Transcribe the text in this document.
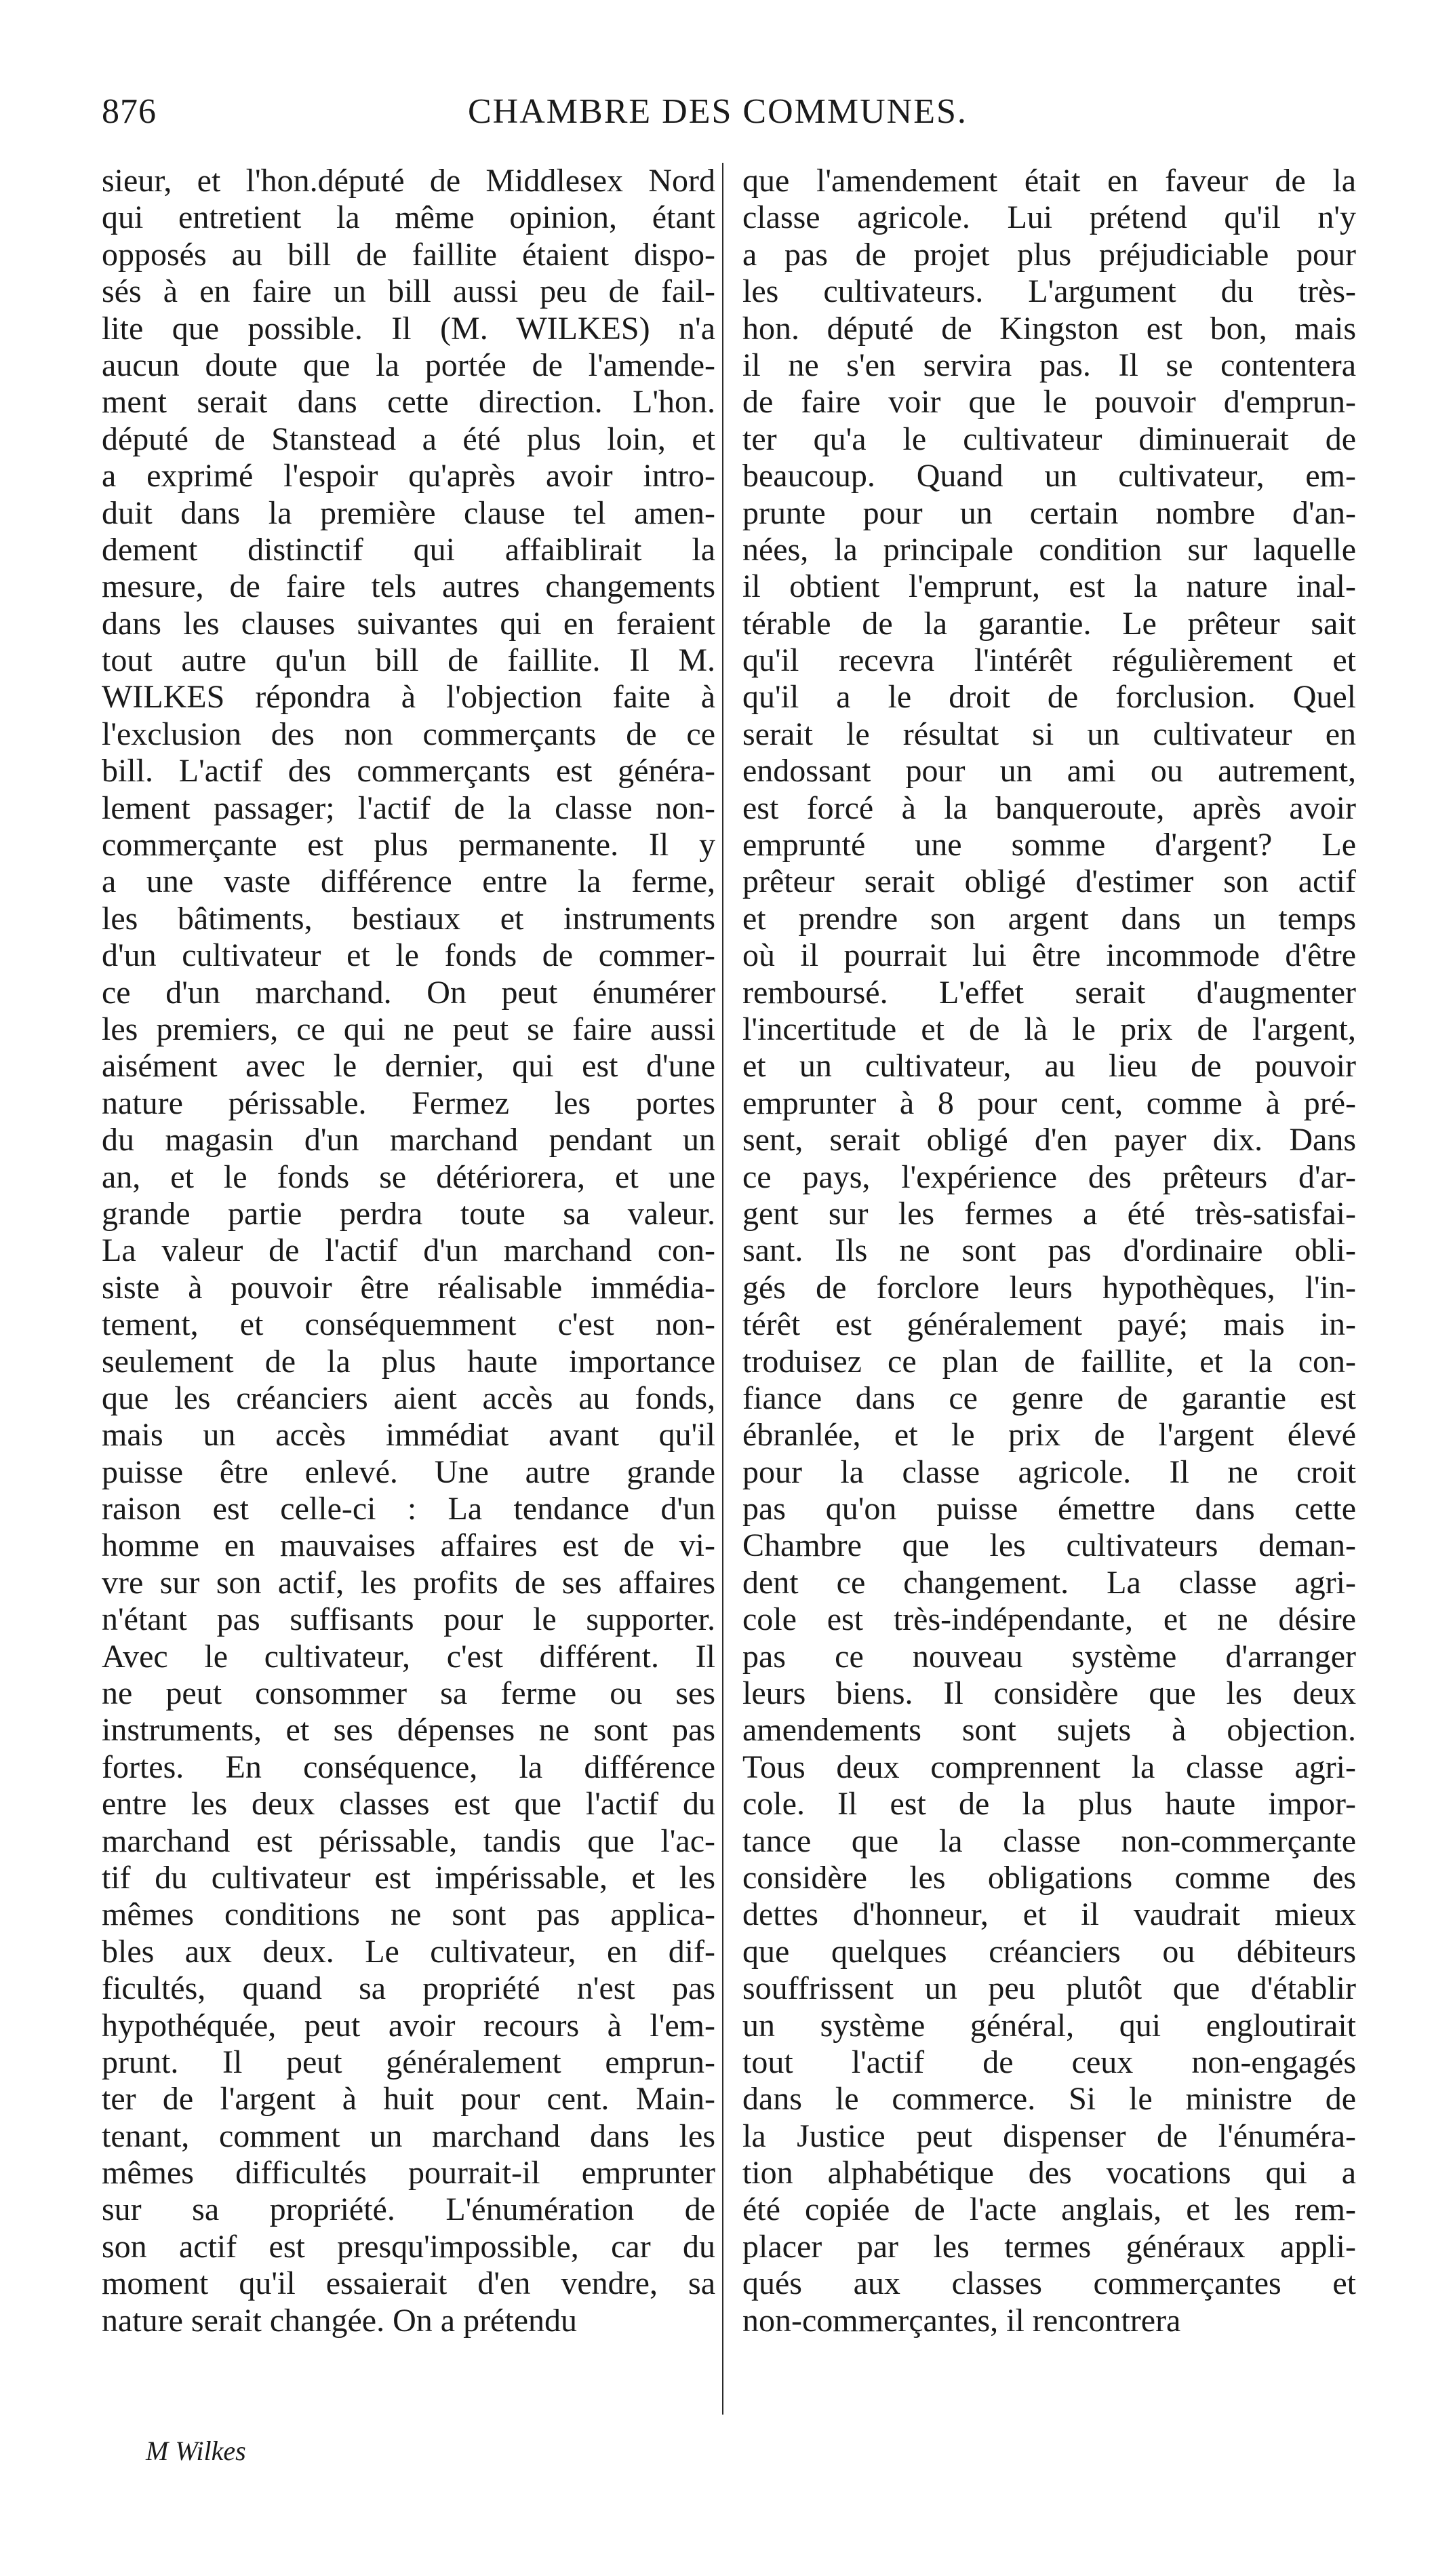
876	CHAMBRE DES COMMUNES.
sieur, et l'hon.député de Middlesex Nord
qui entretient la même opinion, étant
opposés au bill de faillite étaient dispo-
sés à en faire un bill aussi peu de fail-
lite que possible. Il (M. WILKES) n'a
aucun doute que la portée de l'amende-
ment serait dans cette direction. L'hon.
député de Stanstead a été plus loin, et
a exprimé l'espoir qu'après avoir intro-
duit dans la première clause tel amen-
dement distinctif qui affaiblirait la
mesure, de faire tels autres changements
dans les clauses suivantes qui en feraient
tout autre qu'un bill de faillite. Il M.
WILKES répondra à l'objection faite à
l'exclusion des non commerçants de ce
bill. L'actif des commerçants est généra-
lement passager; l'actif de la classe non-
commerçante est plus permanente. Il y
a une vaste différence entre la ferme,
les bâtiments, bestiaux et instruments
d'un cultivateur et le fonds de commer-
ce d'un marchand. On peut énumérer
les premiers, ce qui ne peut se faire aussi
aisément avec le dernier, qui est d'une
nature périssable. Fermez les portes
du magasin d'un marchand pendant un
an, et le fonds se détériorera, et une
grande partie perdra toute sa valeur.
La valeur de l'actif d'un marchand con-
siste à pouvoir être réalisable immédia-
tement, et conséquemment c'est non-
seulement de la plus haute importance
que les créanciers aient accès au fonds,
mais un accès immédiat avant qu'il
puisse être enlevé. Une autre grande
raison est celle-ci : La tendance d'un
homme en mauvaises affaires est de vi-
vre sur son actif, les profits de ses affaires
n'étant pas suffisants pour le supporter.
Avec le cultivateur, c'est différent. Il
ne peut consommer sa ferme ou ses
instruments, et ses dépenses ne sont pas
fortes. En conséquence, la différence
entre les deux classes est que l'actif du
marchand est périssable, tandis que l'ac-
tif du cultivateur est impérissable, et les
mêmes conditions ne sont pas applica-
bles aux deux. Le cultivateur, en dif-
ficultés, quand sa propriété n'est pas
hypothéquée, peut avoir recours à l'em-
prunt. Il peut généralement emprun-
ter de l'argent à huit pour cent. Main-
tenant, comment un marchand dans les
mêmes difficultés pourrait-il emprunter
sur sa propriété. L'énumération de
son actif est presqu'impossible, car du
moment qu'il essaierait d'en vendre, sa
nature serait changée. On a prétendu
que l'amendement était en faveur de la
classe agricole. Lui prétend qu'il n'y
a pas de projet plus préjudiciable pour
les cultivateurs. L'argument du très-
hon. député de Kingston est bon, mais
il ne s'en servira pas. Il se contentera
de faire voir que le pouvoir d'emprun-
ter qu'a le cultivateur diminuerait de
beaucoup. Quand un cultivateur, em-
prunte pour un certain nombre d'an-
nées, la principale condition sur laquelle
il obtient l'emprunt, est la nature inal-
térable de la garantie. Le prêteur sait
qu'il recevra l'intérêt régulièrement et
qu'il a le droit de forclusion. Quel
serait le résultat si un cultivateur en
endossant pour un ami ou autrement,
est forcé à la banqueroute, après avoir
emprunté une somme d'argent? Le
prêteur serait obligé d'estimer son actif
et prendre son argent dans un temps
où il pourrait lui être incommode d'être
remboursé. L'effet serait d'augmenter
l'incertitude et de là le prix de l'argent,
et un cultivateur, au lieu de pouvoir
emprunter à 8 pour cent, comme à pré-
sent, serait obligé d'en payer dix. Dans
ce pays, l'expérience des prêteurs d'ar-
gent sur les fermes a été très-satisfai-
sant. Ils ne sont pas d'ordinaire obli-
gés de forclore leurs hypothèques, l'in-
térêt est généralement payé; mais in-
troduisez ce plan de faillite, et la con-
fiance dans ce genre de garantie est
ébranlée, et le prix de l'argent élevé
pour la classe agricole. Il ne croit
pas qu'on puisse émettre dans cette
Chambre que les cultivateurs deman-
dent ce changement. La classe agri-
cole est très-indépendante, et ne désire
pas ce nouveau système d'arranger
leurs biens. Il considère que les deux
amendements sont sujets à objection.
Tous deux comprennent la classe agri-
cole. Il est de la plus haute impor-
tance que la classe non-commerçante
considère les obligations comme des
dettes d'honneur, et il vaudrait mieux
que quelques créanciers ou débiteurs
souffrissent un peu plutôt que d'établir
un système général, qui engloutirait
tout l'actif de ceux non-engagés
dans le commerce. Si le ministre de
la Justice peut dispenser de l'énuméra-
tion alphabétique des vocations qui a
été copiée de l'acte anglais, et les rem-
placer par les termes généraux appli-
qués aux classes commerçantes et
non-commerçantes, il rencontrera
M Wilkes
